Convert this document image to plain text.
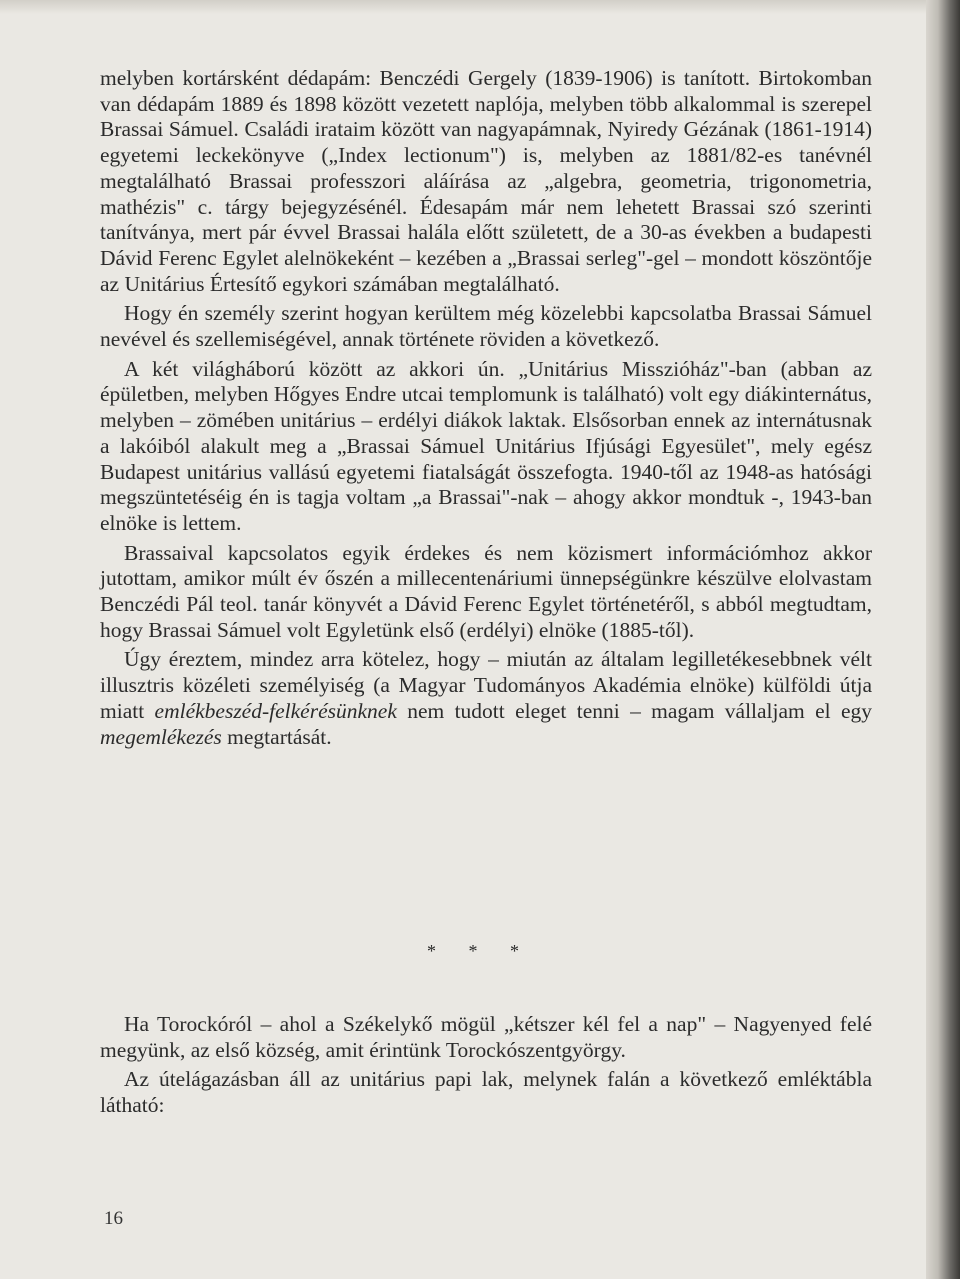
melyben kortársként dédapám: Benczédi Gergely (1839-1906) is tanított. Birtokomban van dédapám 1889 és 1898 között vezetett naplója, melyben több alkalommal is szerepel Brassai Sámuel. Családi irataim között van nagyapámnak, Nyiredy Gézának (1861-1914) egyetemi leckekönyve („Index lectionum") is, melyben az 1881/82-es tanévnél megtalálható Brassai professzori aláírása az „algebra, geometria, trigonometria, mathézis" c. tárgy bejegyzésénél. Édesapám már nem lehetett Brassai szó szerinti tanítványa, mert pár évvel Brassai halála előtt született, de a 30-as években a budapesti Dávid Ferenc Egylet alelnökeként – kezében a „Brassai serleg"-gel – mondott köszöntője az Unitárius Értesítő egykori számában megtalálható.

Hogy én személy szerint hogyan kerültem még közelebbi kapcsolatba Brassai Sámuel nevével és szellemiségével, annak története röviden a következő.

A két világháború között az akkori ún. „Unitárius Misszióház"-ban (abban az épületben, melyben Hőgyes Endre utcai templomunk is található) volt egy diákinternátus, melyben – zömében unitárius – erdélyi diákok laktak. Elsősorban ennek az internátusnak a lakóiból alakult meg a „Brassai Sámuel Unitárius Ifjúsági Egyesület", mely egész Budapest unitárius vallású egyetemi fiatalságát összefogta. 1940-től az 1948-as hatósági megszüntetéséig én is tagja voltam „a Brassai"-nak – ahogy akkor mondtuk -, 1943-ban elnöke is lettem.

Brassaival kapcsolatos egyik érdekes és nem közismert információmhoz akkor jutottam, amikor múlt év őszén a millecentenáriumi ünnepségünkre készülve elolvastam Benczédi Pál teol. tanár könyvét a Dávid Ferenc Egylet történetéről, s abból megtudtam, hogy Brassai Sámuel volt Egyletünk első (erdélyi) elnöke (1885-től).

Úgy éreztem, mindez arra kötelez, hogy – miután az általam legilletékesebbnek vélt illusztris közéleti személyiség (a Magyar Tudományos Akadémia elnöke) külföldi útja miatt emlékbeszéd-felkérésünknek nem tudott eleget tenni – magam vállaljam el egy megemlékezés megtartását.

* * *

Ha Torockóról – ahol a Székelykő mögül „kétszer kél fel a nap" – Nagyenyed felé megyünk, az első község, amit érintünk Torockószentgyörgy.

Az útelágazásban áll az unitárius papi lak, melynek falán a következő emléktábla látható:

16
